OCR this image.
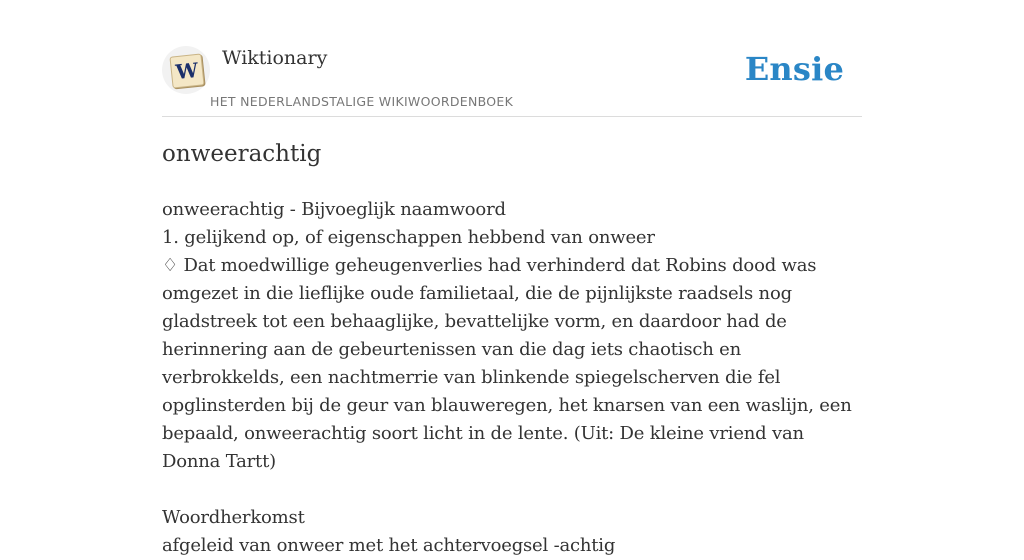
W Wiktionary
HET NEDERLANDSTALIGE WIKIWOORDENBOEK
Ensie
onweerachtig

onweerachtig - Bijvoeglijk naamwoord

1. gelijkend op, of eigenschappen hebbend van onweer

♢ Dat moedwillige geheugenverlies had verhinderd dat Robins dood was omgezet in die lieflijke oude familietaal, die de pijnlijkste raadsels nog gladstreek tot een behaaglijke, bevattelijke vorm, en daardoor had de herinnering aan de gebeurtenissen van die dag iets chaotisch en verbrokkelds, een nachtmerrie van blinkende spiegelscherven die fel opglinsterden bij de geur van blauweregen, het knarsen van een waslijn, een bepaald, onweerachtig soort licht in de lente. (Uit: De kleine vriend van Donna Tartt)

Woordherkomst

afgeleid van onweer met het achtervoegsel -achtig
